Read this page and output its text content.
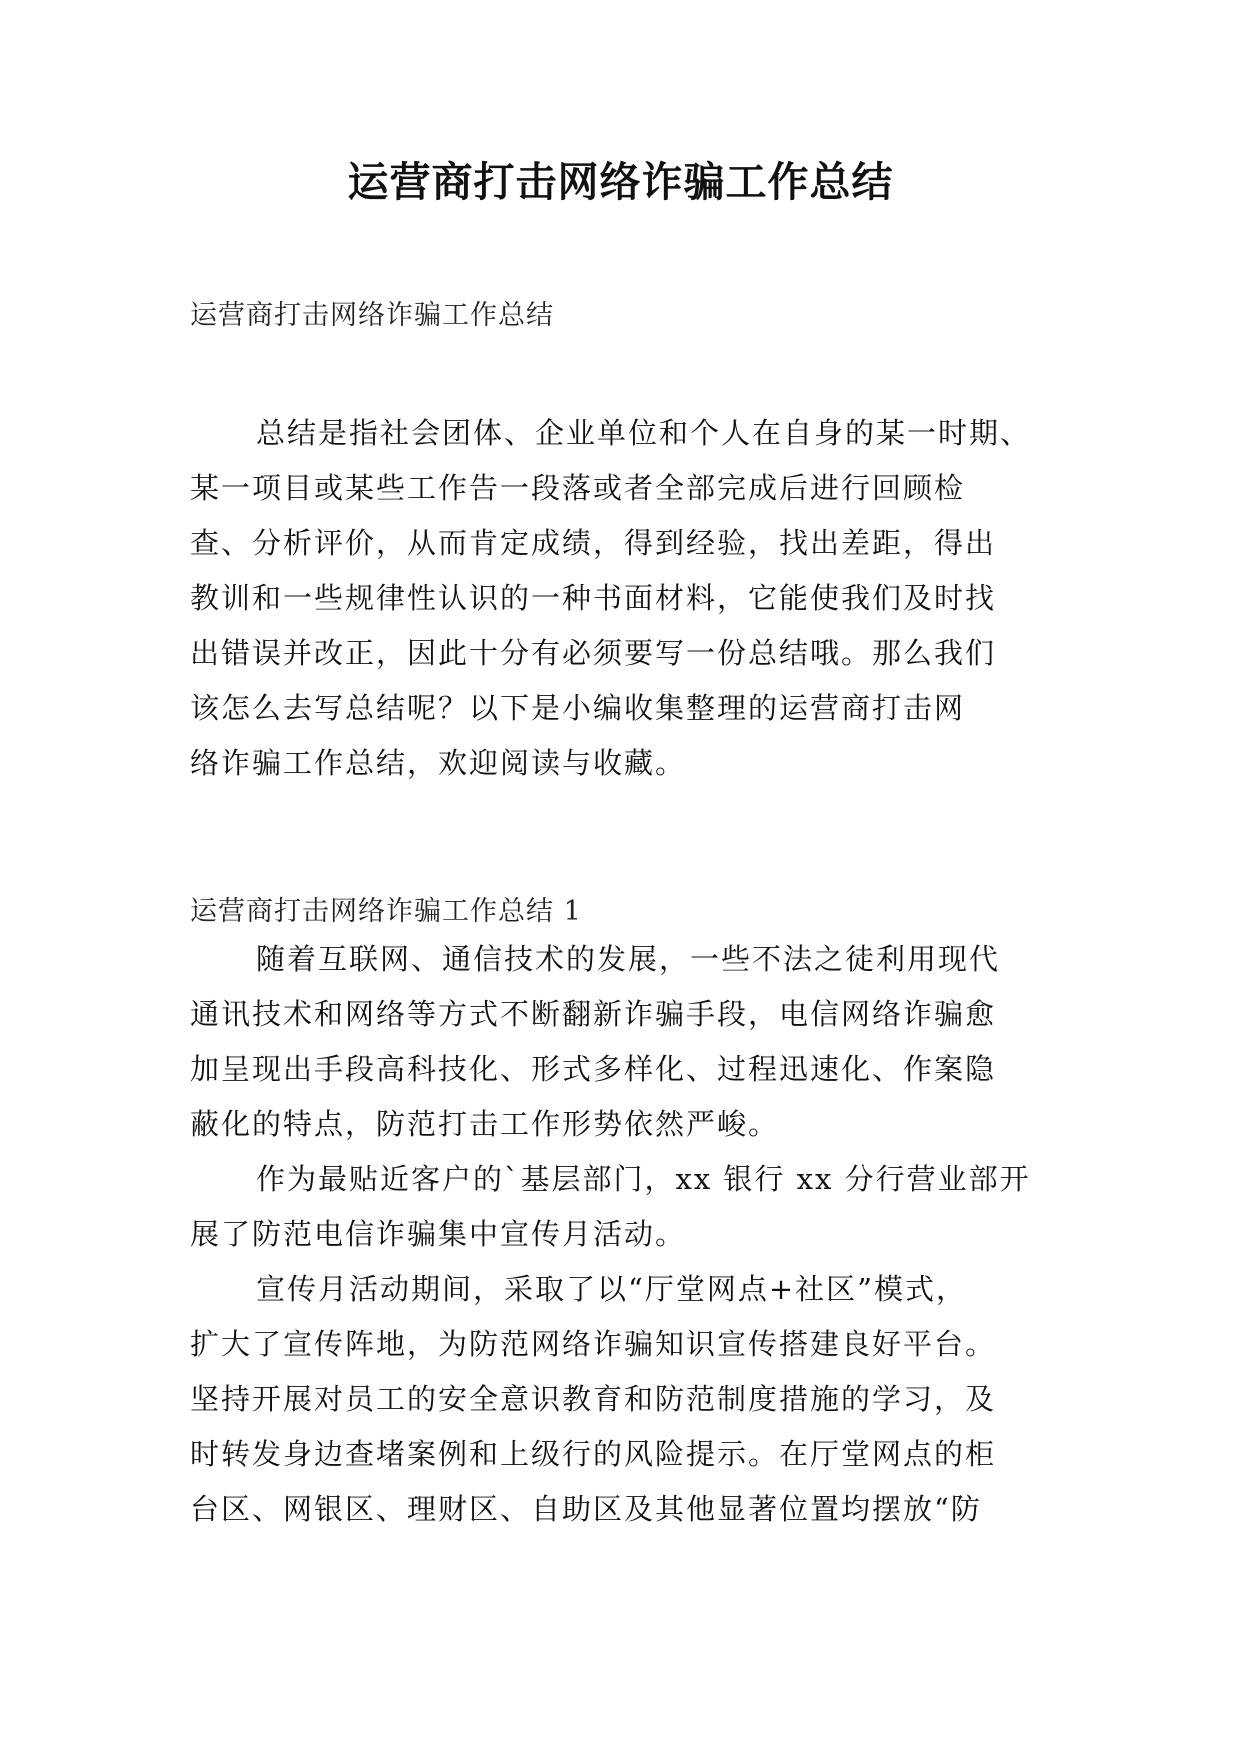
运营商打击网络诈骗工作总结

运营商打击网络诈骗工作总结

总结是指社会团体、企业单位和个人在自身的某一时期、
某一项目或某些工作告一段落或者全部完成后进行回顾检
查、分析评价，从而肯定成绩，得到经验，找出差距，得出
教训和一些规律性认识的一种书面材料，它能使我们及时找
出错误并改正，因此十分有必须要写一份总结哦。那么我们
该怎么去写总结呢？以下是小编收集整理的运营商打击网
络诈骗工作总结，欢迎阅读与收藏。

运营商打击网络诈骗工作总结 1

随着互联网、通信技术的发展，一些不法之徒利用现代
通讯技术和网络等方式不断翻新诈骗手段，电信网络诈骗愈
加呈现出手段高科技化、形式多样化、过程迅速化、作案隐
蔽化的特点，防范打击工作形势依然严峻。
作为最贴近客户的`基层部门，xx 银行 xx 分行营业部开
展了防范电信诈骗集中宣传月活动。
宣传月活动期间，采取了以“厅堂网点+社区”模式，
扩大了宣传阵地，为防范网络诈骗知识宣传搭建良好平台。
坚持开展对员工的安全意识教育和防范制度措施的学习，及
时转发身边查堵案例和上级行的风险提示。在厅堂网点的柜
台区、网银区、理财区、自助区及其他显著位置均摆放“防
